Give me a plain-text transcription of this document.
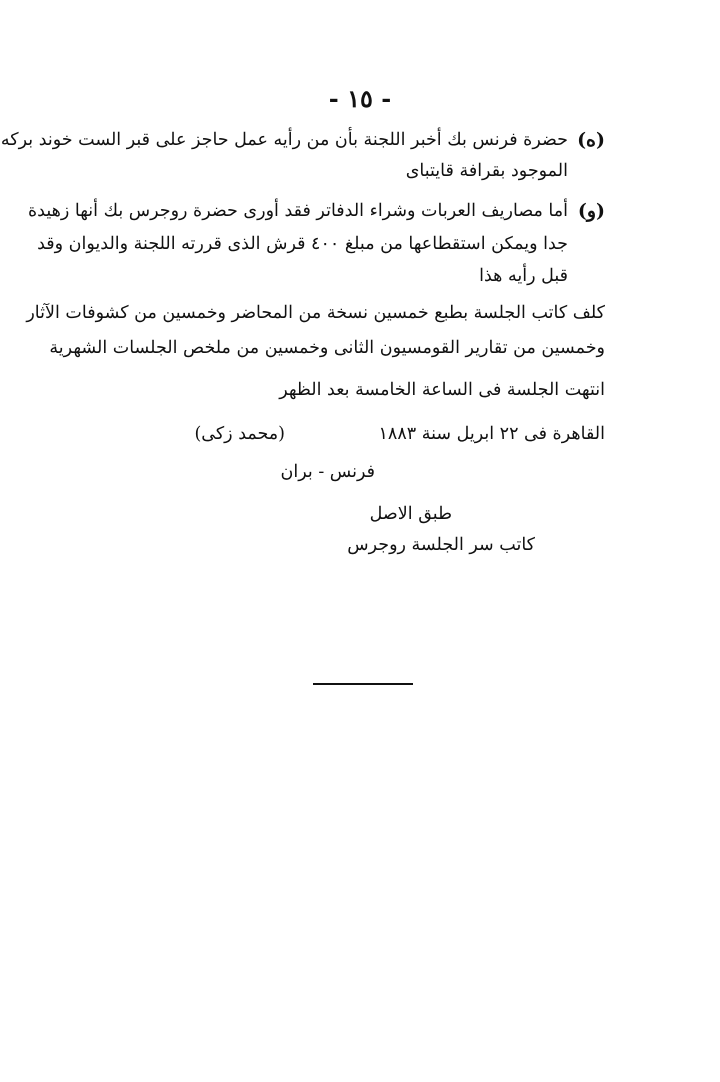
- ١٥ -
(ه)
حضرة فرنس بك أخبر اللجنة بأن من رأيه عمل حاجز على قبر الست خوند بركه
الموجود بقرافة قايتباى
(و)
أما مصاريف العربات وشراء الدفاتر فقد أورى حضرة روجرس بك أنها زهيدة
جدا ويمكن استقطاعها من مبلغ ٤٠٠ قرش الذى قررته اللجنة والديوان وقد
قبل رأيه هذا
كلف كاتب الجلسة بطبع خمسين نسخة من المحاضر وخمسين من كشوفات الآثار
وخمسين من تقارير القومسيون الثانى وخمسين من ملخص الجلسات الشهرية
انتهت الجلسة فى الساعة الخامسة بعد الظهر
القاهرة فى ٢٢ ابريل سنة ١٨٨٣
(محمد زكى)
فرنس - بران
طبق الاصل
كاتب سر الجلسة روجرس
